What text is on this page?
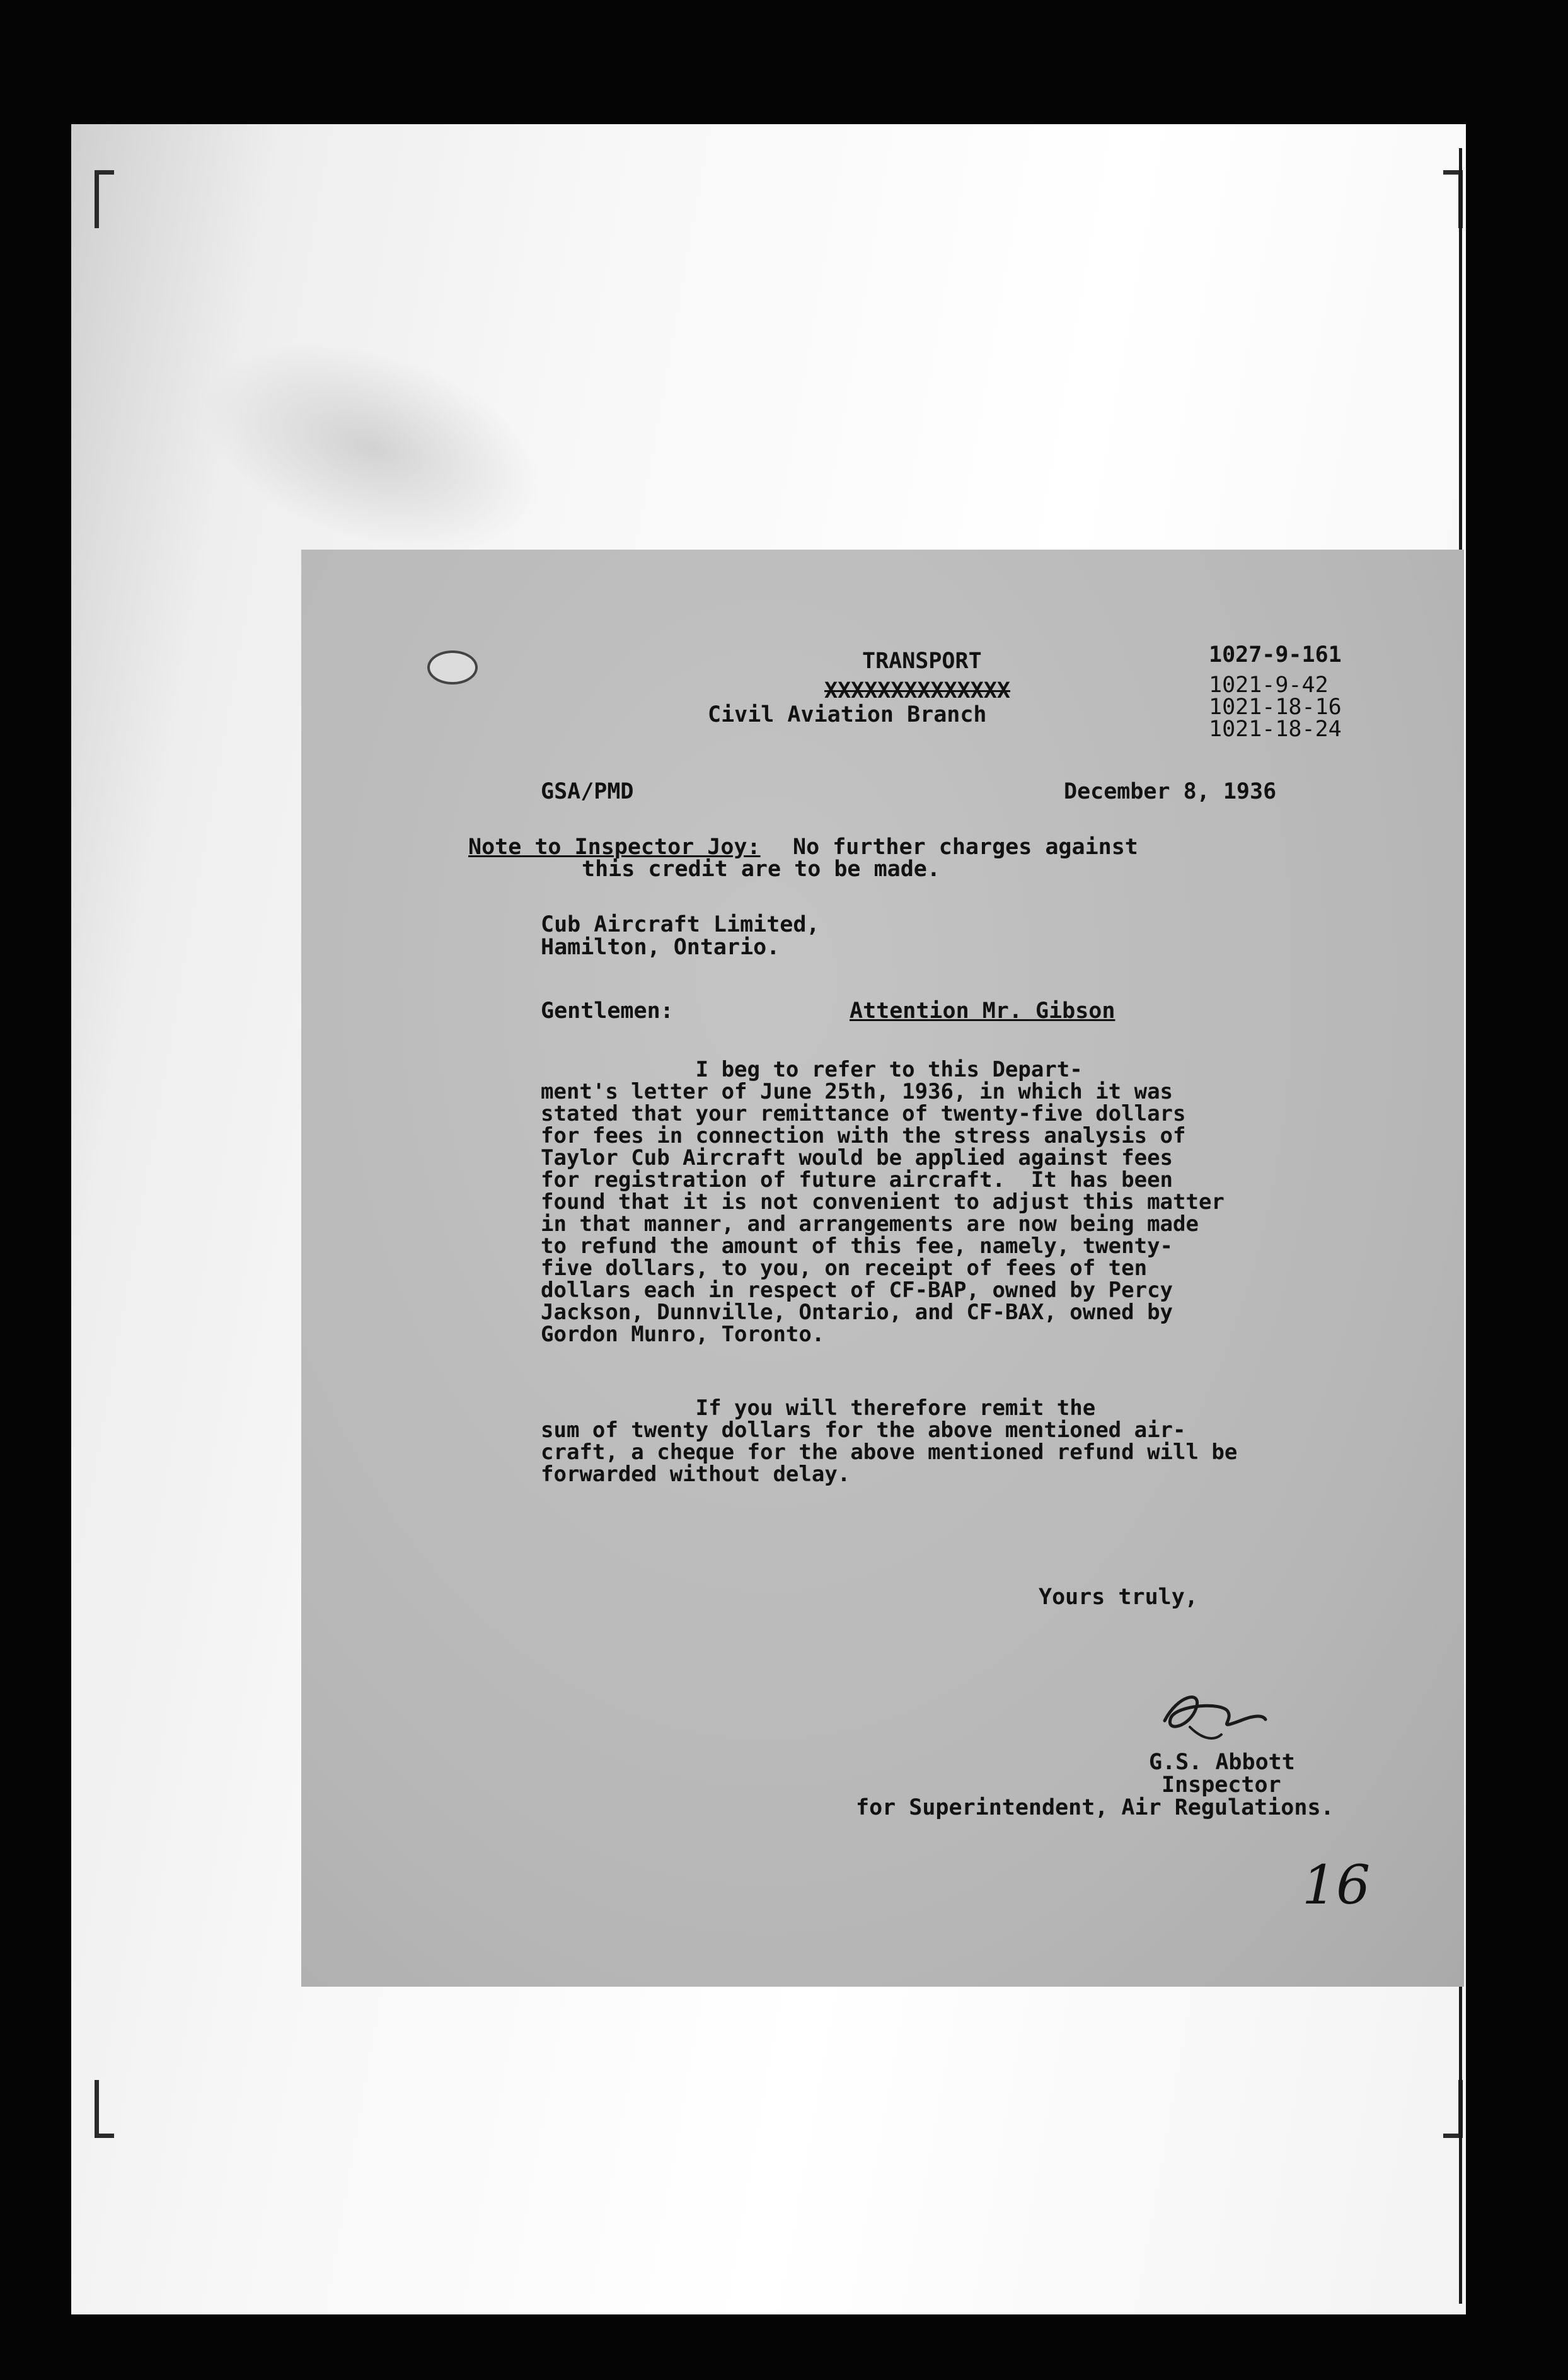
TRANSPORT
XXXXXXXXXXXXXX
Civil Aviation Branch
1027-9-161
1021-9-42
1021-18-16
1021-18-24
GSA/PMD	December 8, 1936
Note to Inspector Joy: No further charges against
this credit are to be made.
Cub Aircraft Limited,
Hamilton, Ontario.
Gentlemen:	Attention Mr. Gibson
I beg to refer to this Depart-
ment's letter of June 25th, 1936, in which it was
stated that your remittance of twenty-five dollars
for fees in connection with the stress analysis of
Taylor Cub Aircraft would be applied against fees
for registration of future aircraft.  It has been
found that it is not convenient to adjust this matter
in that manner, and arrangements are now being made
to refund the amount of this fee, namely, twenty-
five dollars, to you, on receipt of fees of ten
dollars each in respect of CF-BAP, owned by Percy
Jackson, Dunnville, Ontario, and CF-BAX, owned by
Gordon Munro, Toronto.
If you will therefore remit the
sum of twenty dollars for the above mentioned air-
craft, a cheque for the above mentioned refund will be
forwarded without delay.
Yours truly,
G.S. Abbott
Inspector
for Superintendent, Air Regulations.
16
